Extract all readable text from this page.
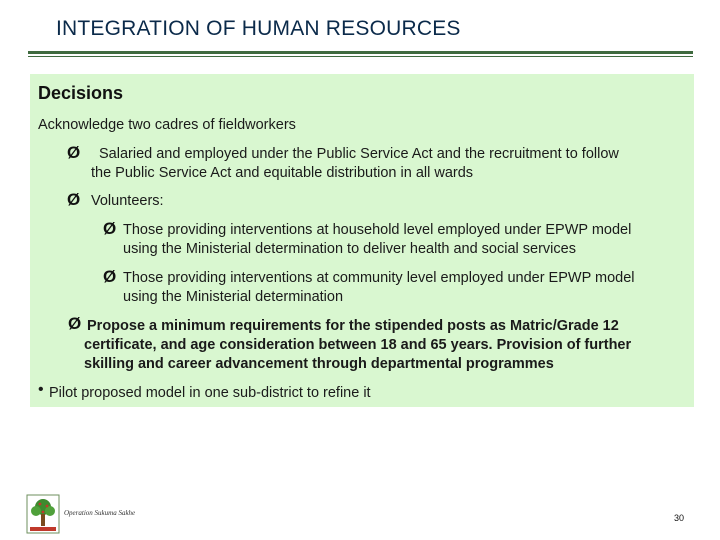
INTEGRATION OF HUMAN RESOURCES
Decisions
Acknowledge two cadres of fieldworkers
Ø	Salaried and employed under the Public Service Act and the recruitment to follow
the Public Service Act and equitable distribution in all wards
Ø Volunteers:
Ø Those providing interventions at household level employed under EPWP model
using the Ministerial determination to deliver health and social services
Ø Those providing interventions at community level employed under EPWP model
using the Ministerial determination
Ø Propose a minimum requirements for the stipended posts as Matric/Grade 12
certificate, and age consideration between 18 and 65 years. Provision of further
skilling and career advancement through departmental programmes
• Pilot proposed model in one sub-district to refine it
Operation Sukuma Sakhe	30
